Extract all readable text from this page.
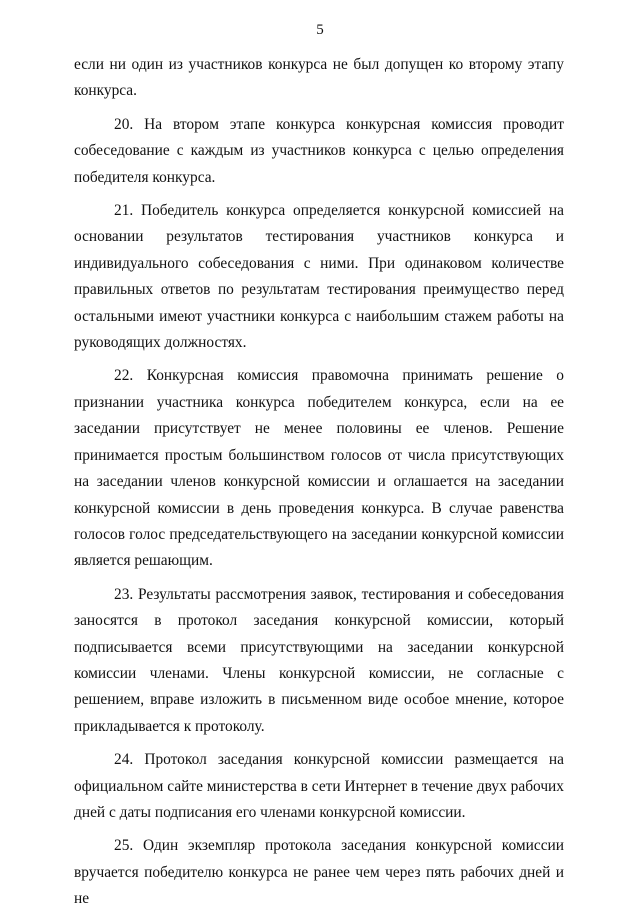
5

если ни один из участников конкурса не был допущен ко второму этапу конкурса.

20. На втором этапе конкурса конкурсная комиссия проводит собеседование с каждым из участников конкурса с целью определения победителя конкурса.

21. Победитель конкурса определяется конкурсной комиссией на основании результатов тестирования участников конкурса и индивидуального собеседования с ними. При одинаковом количестве правильных ответов по результатам тестирования преимущество перед остальными имеют участники конкурса с наибольшим стажем работы на руководящих должностях.

22. Конкурсная комиссия правомочна принимать решение о признании участника конкурса победителем конкурса, если на ее заседании присутствует не менее половины ее членов. Решение принимается простым большинством голосов от числа присутствующих на заседании членов конкурсной комиссии и оглашается на заседании конкурсной комиссии в день проведения конкурса. В случае равенства голосов голос председательствующего на заседании конкурсной комиссии является решающим.

23. Результаты рассмотрения заявок, тестирования и собеседования заносятся в протокол заседания конкурсной комиссии, который подписывается всеми присутствующими на заседании конкурсной комиссии членами. Члены конкурсной комиссии, не согласные с решением, вправе изложить в письменном виде особое мнение, которое прикладывается к протоколу.

24. Протокол заседания конкурсной комиссии размещается на официальном сайте министерства в сети Интернет в течение двух рабочих дней с даты подписания его членами конкурсной комиссии.

25. Один экземпляр протокола заседания конкурсной комиссии вручается победителю конкурса не ранее чем через пять рабочих дней и не
